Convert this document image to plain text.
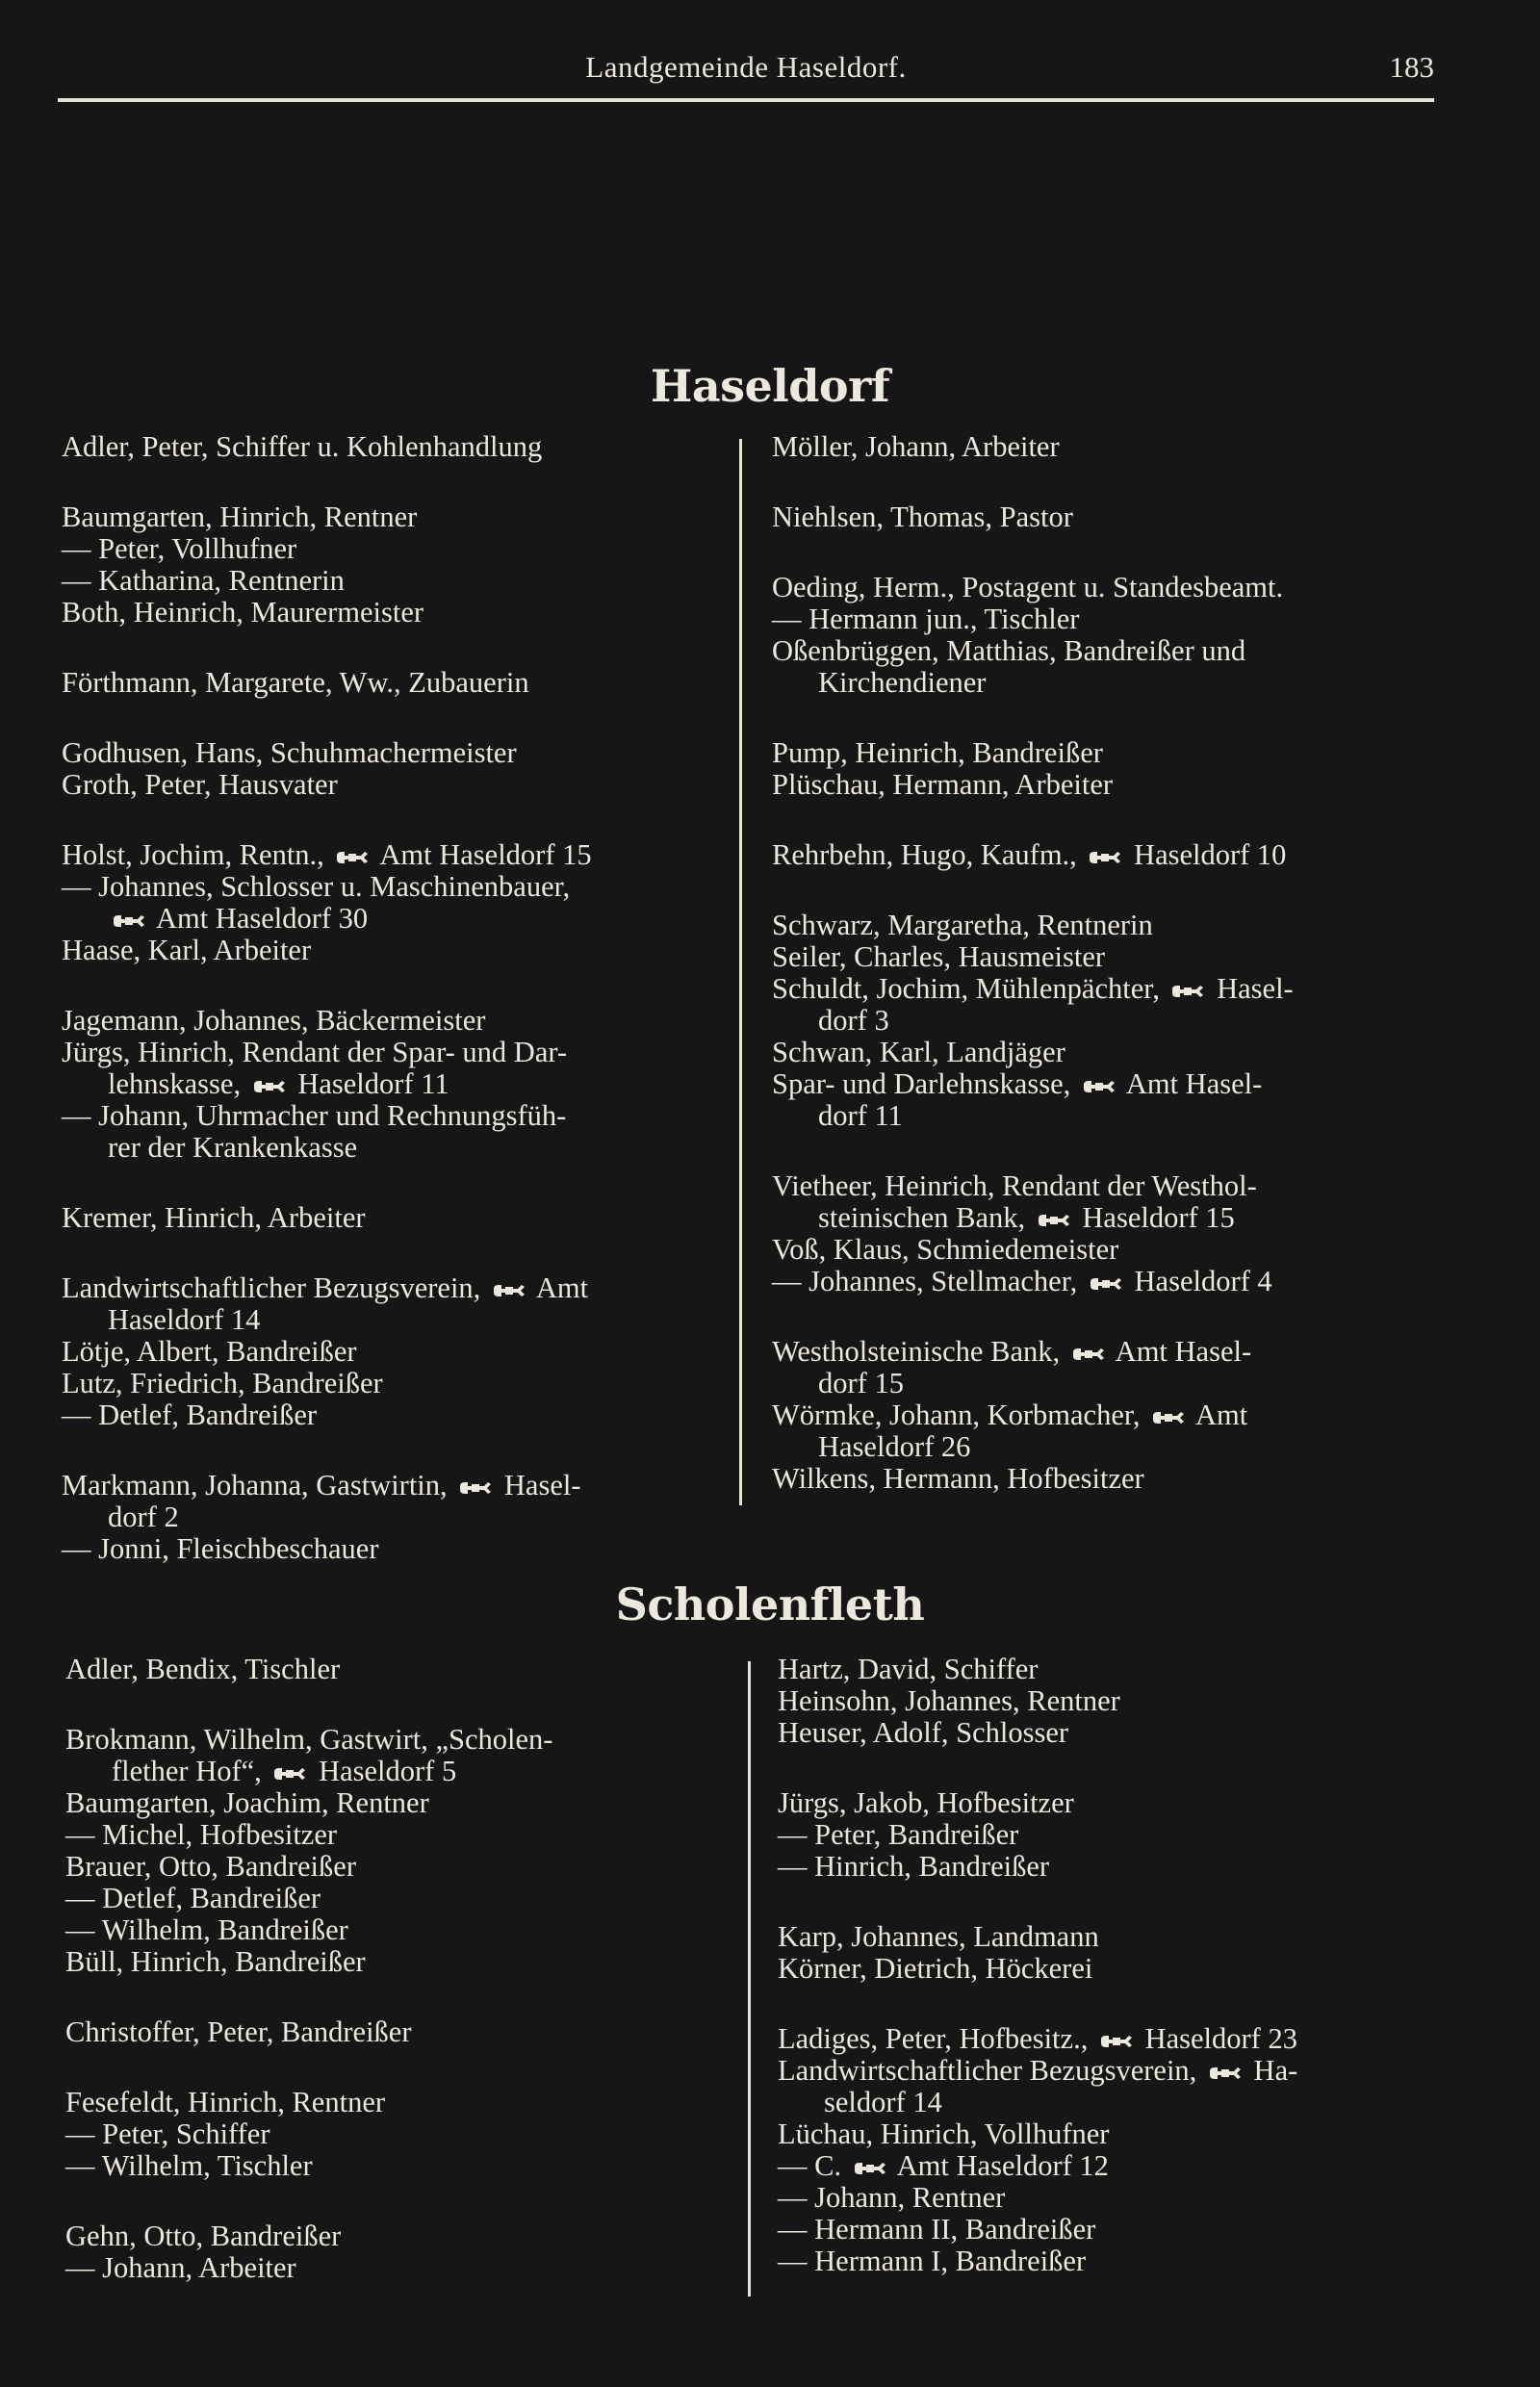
Landgemeinde Haseldorf.	183
Haseldorf
Adler, Peter, Schiffer u. Kohlenhandlung
Baumgarten, Hinrich, Rentner
— Peter, Vollhufner
— Katharina, Rentnerin
Both, Heinrich, Maurermeister
Förthmann, Margarete, Ww., Zubauerin
Godhusen, Hans, Schuhmachermeister
Groth, Peter, Hausvater
Holst, Jochim, Rentn.,  Amt Haseldorf 15
— Johannes, Schlosser u. Maschinenbauer,
Amt Haseldorf 30
Haase, Karl, Arbeiter
Jagemann, Johannes, Bäckermeister
Jürgs, Hinrich, Rendant der Spar- und Dar-
lehnskasse,  Haseldorf 11
— Johann, Uhrmacher und Rechnungsfüh-
rer der Krankenkasse
Kremer, Hinrich, Arbeiter
Landwirtschaftlicher Bezugsverein,  Amt
Haseldorf 14
Lötje, Albert, Bandreißer
Lutz, Friedrich, Bandreißer
— Detlef, Bandreißer
Markmann, Johanna, Gastwirtin,  Hasel-
dorf 2
— Jonni, Fleischbeschauer
Möller, Johann, Arbeiter
Niehlsen, Thomas, Pastor
Oeding, Herm., Postagent u. Standesbeamt.
— Hermann jun., Tischler
Oßenbrüggen, Matthias, Bandreißer und
Kirchendiener
Pump, Heinrich, Bandreißer
Plüschau, Hermann, Arbeiter
Rehrbehn, Hugo, Kaufm.,  Haseldorf 10
Schwarz, Margaretha, Rentnerin
Seiler, Charles, Hausmeister
Schuldt, Jochim, Mühlenpächter,  Hasel-
dorf 3
Schwan, Karl, Landjäger
Spar- und Darlehnskasse,  Amt Hasel-
dorf 11
Vietheer, Heinrich, Rendant der Westhol-
steinischen Bank,  Haseldorf 15
Voß, Klaus, Schmiedemeister
— Johannes, Stellmacher,  Haseldorf 4
Westholsteinische Bank,  Amt Hasel-
dorf 15
Wörmke, Johann, Korbmacher,  Amt
Haseldorf 26
Wilkens, Hermann, Hofbesitzer
Scholenfleth
Adler, Bendix, Tischler
Brokmann, Wilhelm, Gastwirt, „Scholen-
flether Hof“,  Haseldorf 5
Baumgarten, Joachim, Rentner
— Michel, Hofbesitzer
Brauer, Otto, Bandreißer
— Detlef, Bandreißer
— Wilhelm, Bandreißer
Büll, Hinrich, Bandreißer
Christoffer, Peter, Bandreißer
Fesefeldt, Hinrich, Rentner
— Peter, Schiffer
— Wilhelm, Tischler
Gehn, Otto, Bandreißer
— Johann, Arbeiter
Hartz, David, Schiffer
Heinsohn, Johannes, Rentner
Heuser, Adolf, Schlosser
Jürgs, Jakob, Hofbesitzer
— Peter, Bandreißer
— Hinrich, Bandreißer
Karp, Johannes, Landmann
Körner, Dietrich, Höckerei
Ladiges, Peter, Hofbesitz.,  Haseldorf 23
Landwirtschaftlicher Bezugsverein,  Ha-
seldorf 14
Lüchau, Hinrich, Vollhufner
— C.  Amt Haseldorf 12
— Johann, Rentner
— Hermann II, Bandreißer
— Hermann I, Bandreißer
